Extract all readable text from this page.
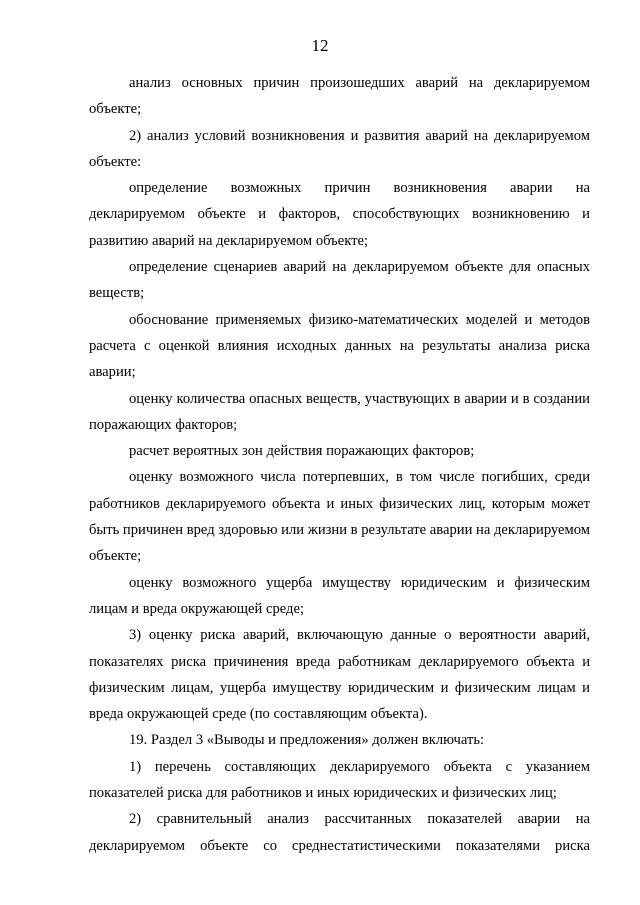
12

анализ основных причин произошедших аварий на декларируемом объекте;

2) анализ условий возникновения и развития аварий на декларируемом объекте:

определение возможных причин возникновения аварии на декларируемом объекте и факторов, способствующих возникновению и развитию аварий на декларируемом объекте;

определение сценариев аварий на декларируемом объекте для опасных веществ;

обоснование применяемых физико-математических моделей и методов расчета с оценкой влияния исходных данных на результаты анализа риска аварии;

оценку количества опасных веществ, участвующих в аварии и в создании поражающих факторов;

расчет вероятных зон действия поражающих факторов;

оценку возможного числа потерпевших, в том числе погибших, среди работников декларируемого объекта и иных физических лиц, которым может быть причинен вред здоровью или жизни в результате аварии на декларируемом объекте;

оценку возможного ущерба имуществу юридическим и физическим лицам и вреда окружающей среде;

3) оценку риска аварий, включающую данные о вероятности аварий, показателях риска причинения вреда работникам декларируемого объекта и физическим лицам, ущерба имуществу юридическим и физическим лицам и вреда окружающей среде (по составляющим объекта).

19. Раздел 3 «Выводы и предложения» должен включать:

1) перечень составляющих декларируемого объекта с указанием показателей риска для работников и иных юридических и физических лиц;

2) сравнительный анализ рассчитанных показателей аварии на декларируемом объекте со среднестатистическими показателями риска
